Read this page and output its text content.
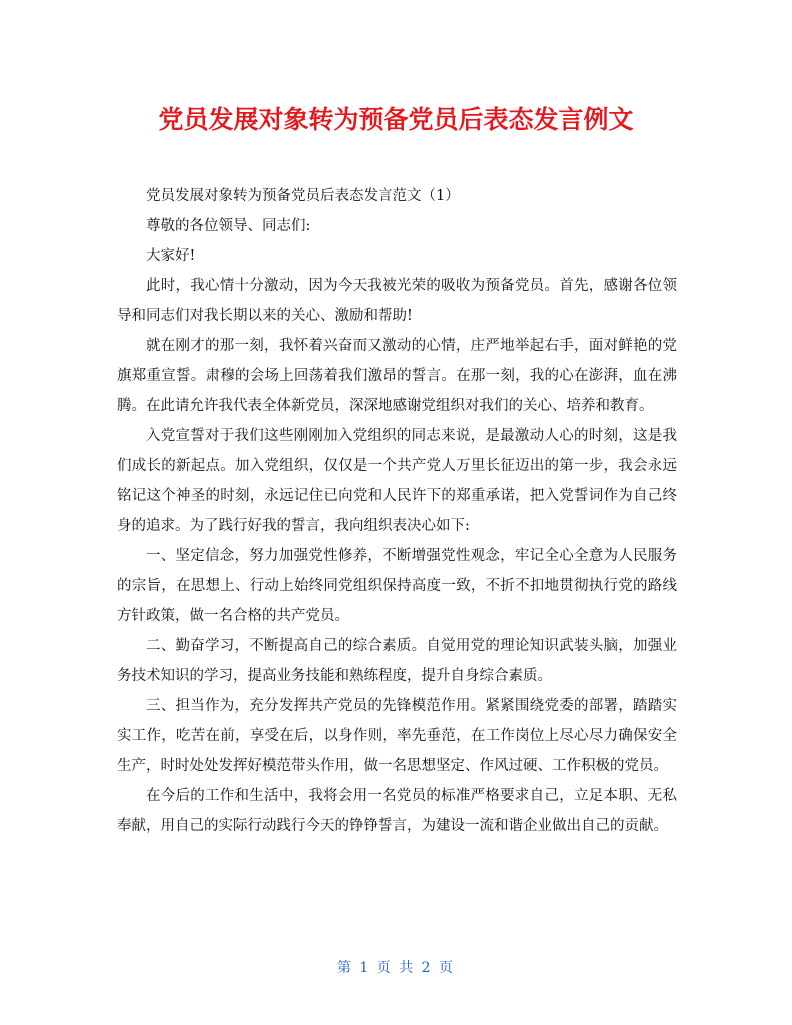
党员发展对象转为预备党员后表态发言例文

党员发展对象转为预备党员后表态发言范文（1）

尊敬的各位领导、同志们:

大家好!

此时，我心情十分激动，因为今天我被光荣的吸收为预备党员。首先，感谢各位领导和同志们对我长期以来的关心、激励和帮助!

就在刚才的那一刻，我怀着兴奋而又激动的心情，庄严地举起右手，面对鲜艳的党旗郑重宣誓。肃穆的会场上回荡着我们激昂的誓言。在那一刻，我的心在澎湃，血在沸腾。在此请允许我代表全体新党员，深深地感谢党组织对我们的关心、培养和教育。

入党宣誓对于我们这些刚刚加入党组织的同志来说，是最激动人心的时刻，这是我们成长的新起点。加入党组织，仅仅是一个共产党人万里长征迈出的第一步，我会永远铭记这个神圣的时刻，永远记住已向党和人民许下的郑重承诺，把入党誓词作为自己终身的追求。为了践行好我的誓言，我向组织表决心如下:

一、坚定信念，努力加强党性修养，不断增强党性观念，牢记全心全意为人民服务的宗旨，在思想上、行动上始终同党组织保持高度一致，不折不扣地贯彻执行党的路线方针政策，做一名合格的共产党员。

二、勤奋学习，不断提高自己的综合素质。自觉用党的理论知识武装头脑，加强业务技术知识的学习，提高业务技能和熟练程度，提升自身综合素质。

三、担当作为，充分发挥共产党员的先锋模范作用。紧紧围绕党委的部署，踏踏实实工作，吃苦在前，享受在后，以身作则，率先垂范，在工作岗位上尽心尽力确保安全生产，时时处处发挥好模范带头作用，做一名思想坚定、作风过硬、工作积极的党员。

在今后的工作和生活中，我将会用一名党员的标准严格要求自己，立足本职、无私奉献，用自己的实际行动践行今天的铮铮誓言，为建设一流和谐企业做出自己的贡献。

第 1 页 共 2 页
